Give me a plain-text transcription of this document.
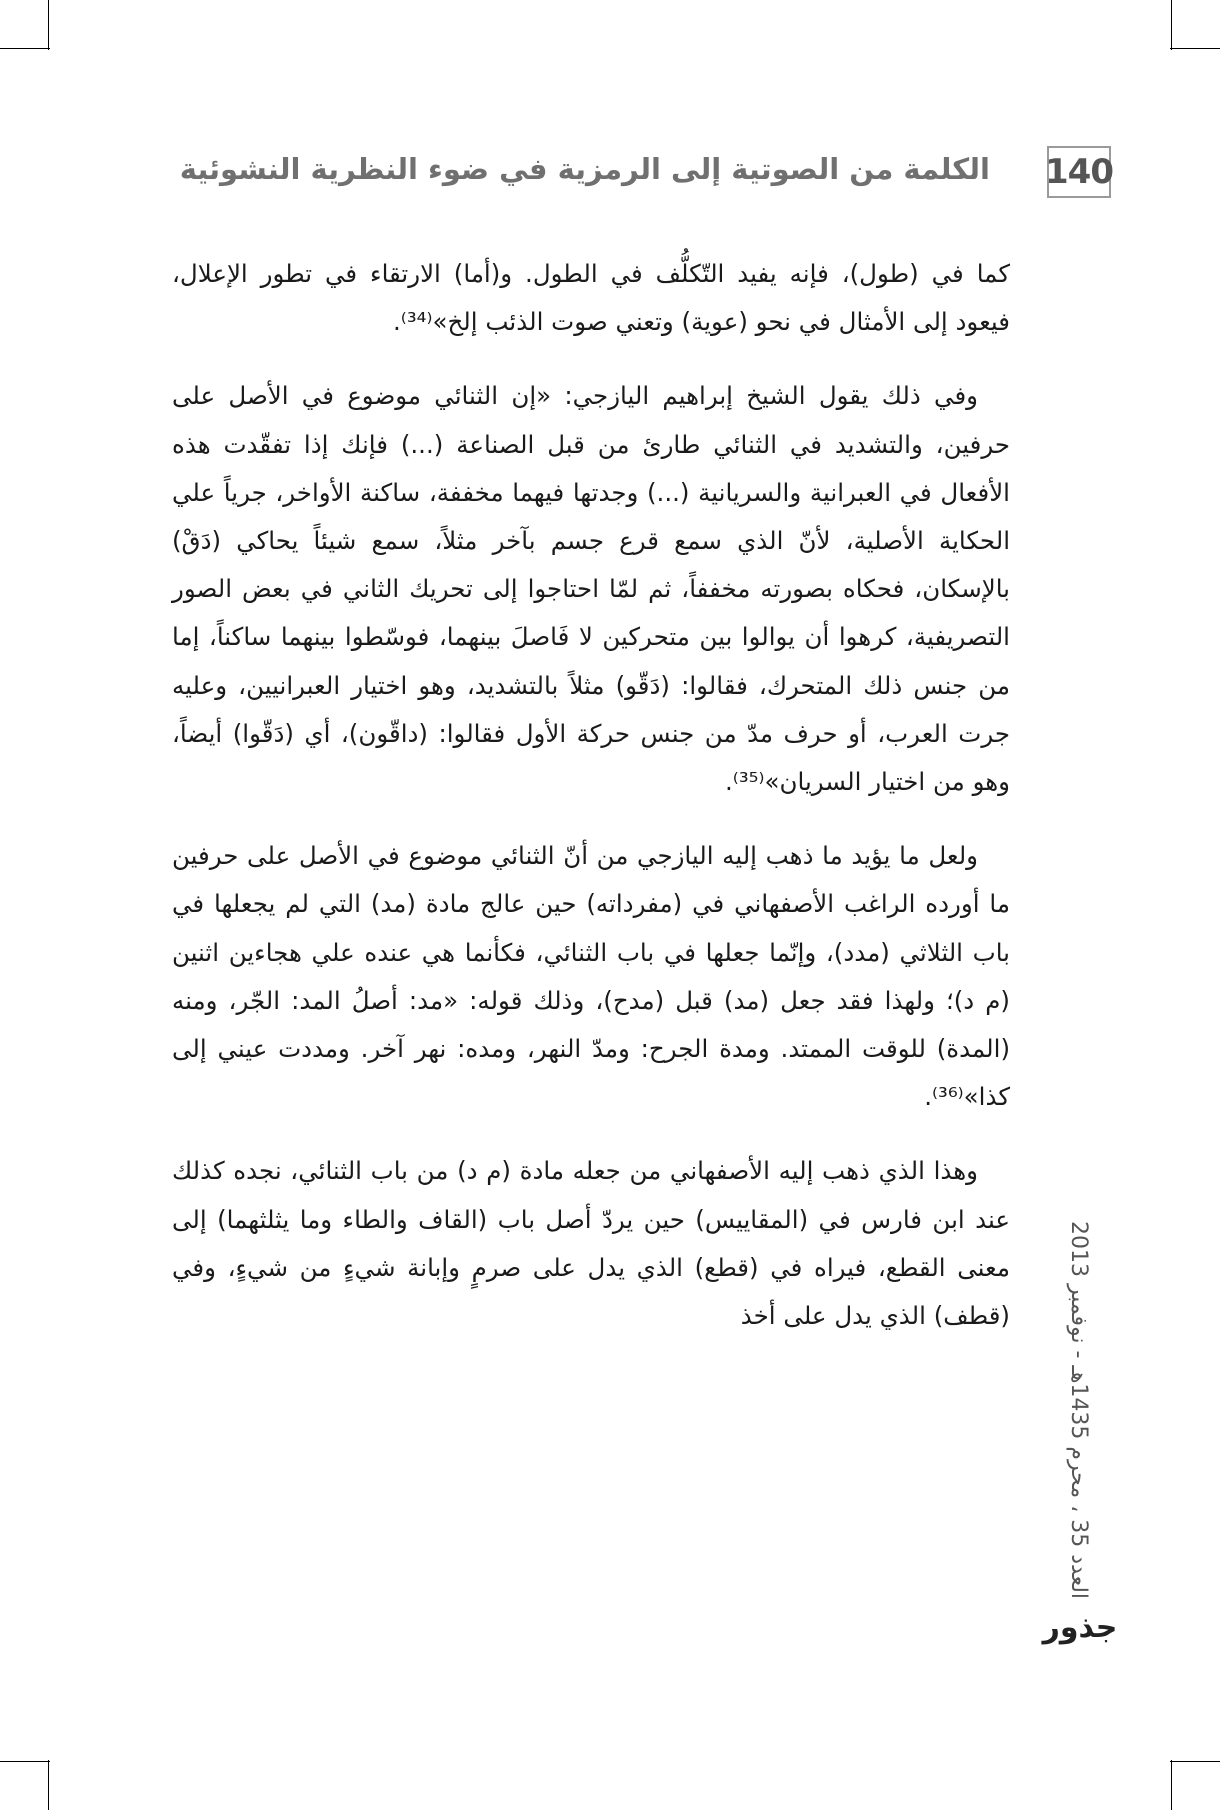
140
الكلمة من الصوتية إلى الرمزية في ضوء النظرية النشوئية

كما في (طول)، فإنه يفيد التّكلُّف في الطول. و(أما) الارتقاء في تطور الإعلال، فيعود إلى الأمثال في نحو (عوية) وتعني صوت الذئب إلخ»⁽³⁴⁾.

وفي ذلك يقول الشيخ إبراهيم اليازجي: «إن الثنائي موضوع في الأصل على حرفين، والتشديد في الثنائي طارئ من قبل الصناعة (...) فإنك إذا تفقّدت هذه الأفعال في العبرانية والسريانية (...) وجدتها فيهما مخففة، ساكنة الأواخر، جرياً علي الحكاية الأصلية، لأنّ الذي سمع قرع جسم بآخر مثلاً، سمع شيئاً يحاكي (دَقْ) بالإسكان، فحكاه بصورته مخففاً، ثم لمّا احتاجوا إلى تحريك الثاني في بعض الصور التصريفية، كرهوا أن يوالوا بين متحركين لا فَاصلَ بينهما، فوسّطوا بينهما ساكناً، إما من جنس ذلك المتحرك، فقالوا: (دَقّو) مثلاً بالتشديد، وهو اختيار العبرانيين، وعليه جرت العرب، أو حرف مدّ من جنس حركة الأول فقالوا: (داقّون)، أي (دَقّوا) أيضاً، وهو من اختيار السريان»⁽³⁵⁾.

ولعل ما يؤيد ما ذهب إليه اليازجي من أنّ الثنائي موضوع في الأصل على حرفين ما أورده الراغب الأصفهاني في (مفرداته) حين عالج مادة (مد) التي لم يجعلها في باب الثلاثي (مدد)، وإنّما جعلها في باب الثنائي، فكأنما هي عنده علي هجاءين اثنين (م د)؛ ولهذا فقد جعل (مد) قبل (مدح)، وذلك قوله: «مد: أصلُ المد: الجّر، ومنه (المدة) للوقت الممتد. ومدة الجرح: ومدّ النهر، ومده: نهر آخر. ومددت عيني إلى كذا»⁽³⁶⁾.

وهذا الذي ذهب إليه الأصفهاني من جعله مادة (م د) من باب الثنائي، نجده كذلك عند ابن فارس في (المقاييس) حين يردّ أصل باب (القاف والطاء وما يثلثهما) إلى معنى القطع، فيراه في (قطع) الذي يدل على صرمٍ وإبانة شيءٍ من شيءٍ، وفي (قطف) الذي يدل على أخذ

العدد 35 ، محرم 1435هـ - نوفمبر 2013
جذور
